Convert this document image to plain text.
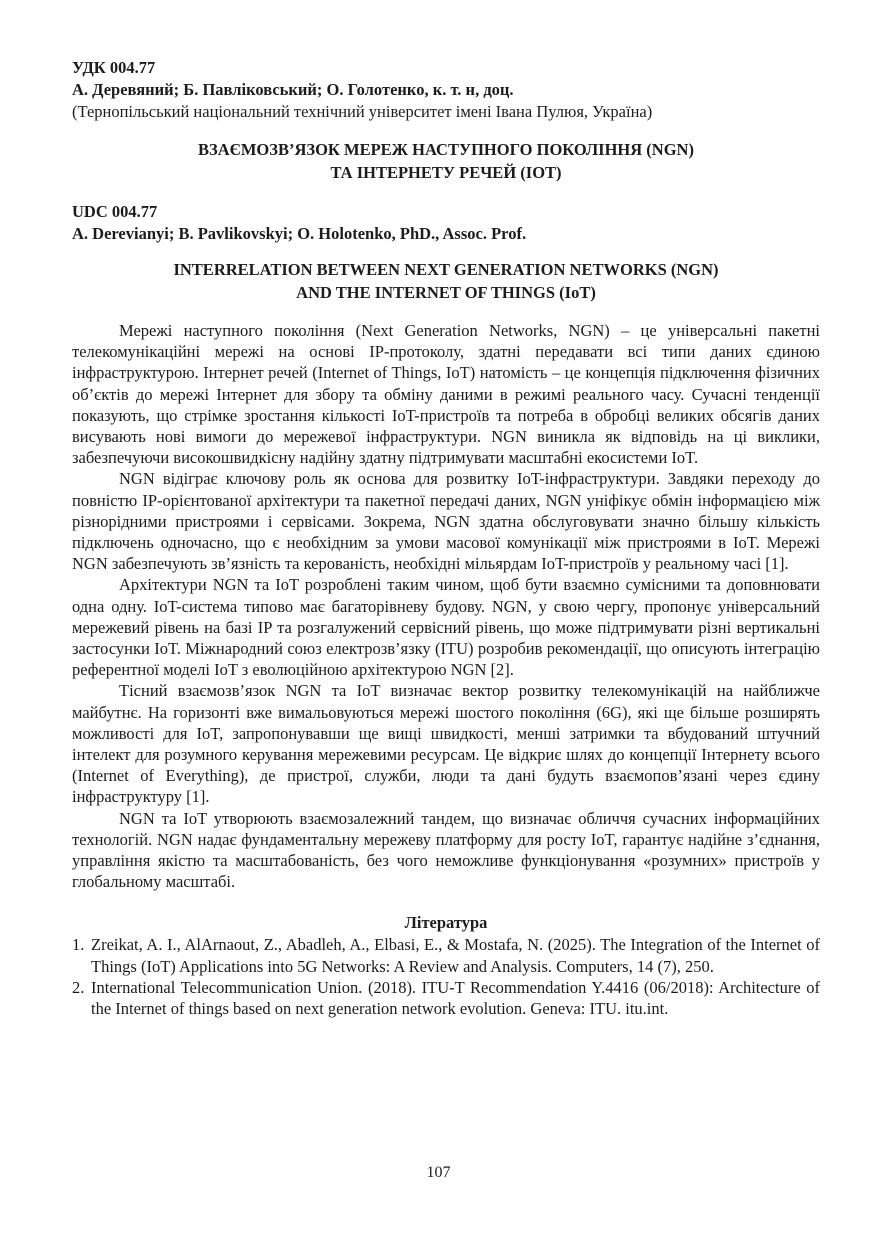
УДК 004.77
А. Деревяний; Б. Павліковський; О. Голотенко, к. т. н, доц.
(Тернопільський національний технічний університет імені Івана Пулюя, Україна)
ВЗАЄМОЗВ’ЯЗОК МЕРЕЖ НАСТУПНОГО ПОКОЛІННЯ (NGN)
ТА ІНТЕРНЕТУ РЕЧЕЙ (ІОТ)
UDC 004.77
A. Derevianyi; B. Pavlikovskyi; O. Holotenko, PhD., Assoc. Prof.
INTERRELATION BETWEEN NEXT GENERATION NETWORKS (NGN)
AND THE INTERNET OF THINGS (IoT)

Мережі наступного покоління (Next Generation Networks, NGN) – це універсальні пакетні телекомунікаційні мережі на основі IP-протоколу, здатні передавати всі типи даних єдиною інфраструктурою. Інтернет речей (Internet of Things, IoT) натомість – це концепція підключення фізичних об’єктів до мережі Інтернет для збору та обміну даними в режимі реального часу. Сучасні тенденції показують, що стрімке зростання кількості IoT-пристроїв та потреба в обробці великих обсягів даних висувають нові вимоги до мережевої інфраструктури. NGN виникла як відповідь на ці виклики, забезпечуючи високошвидкісну надійну здатну підтримувати масштабні екосистеми IoT.

NGN відіграє ключову роль як основа для розвитку IoT-інфраструктури. Завдяки переходу до повністю IP-орієнтованої архітектури та пакетної передачі даних, NGN уніфікує обмін інформацією між різнорідними пристроями і сервісами. Зокрема, NGN здатна обслуговувати значно більшу кількість підключень одночасно, що є необхідним за умови масової комунікації між пристроями в IoT. Мережі NGN забезпечують зв’язність та керованість, необхідні мільярдам IoT-пристроїв у реальному часі [1].

Архітектури NGN та IoT розроблені таким чином, щоб бути взаємно сумісними та доповнювати одна одну. IoT-система типово має багаторівневу будову. NGN, у свою чергу, пропонує універсальний мережевий рівень на базі IP та розгалужений сервісний рівень, що може підтримувати різні вертикальні застосунки IoT. Міжнародний союз електрозв’язку (ITU) розробив рекомендації, що описують інтеграцію референтної моделі IoT з еволюційною архітектурою NGN [2].

Тісний взаємозв’язок NGN та IoT визначає вектор розвитку телекомунікацій на найближче майбутнє. На горизонті вже вимальовуються мережі шостого покоління (6G), які ще більше розширять можливості для IoT, запропонувавши ще вищі швидкості, менші затримки та вбудований штучний інтелект для розумного керування мережевими ресурсам. Це відкриє шлях до концепції Інтернету всього (Internet of Everything), де пристрої, служби, люди та дані будуть взаємопов’язані через єдину інфраструктуру [1].

NGN та IoT утворюють взаємозалежний тандем, що визначає обличчя сучасних інформаційних технологій. NGN надає фундаментальну мережеву платформу для росту IoT, гарантує надійне з’єднання, управління якістю та масштабованість, без чого неможливе функціонування «розумних» пристроїв у глобальному масштабі.

Література
1. Zreikat, A. I., AlArnaout, Z., Abadleh, A., Elbasi, E., & Mostafa, N. (2025). The Integration of the Internet of Things (IoT) Applications into 5G Networks: A Review and Analysis. Computers, 14 (7), 250.
2. International Telecommunication Union. (2018). ITU-T Recommendation Y.4416 (06/2018): Architecture of the Internet of things based on next generation network evolution. Geneva: ITU. itu.int.
107
